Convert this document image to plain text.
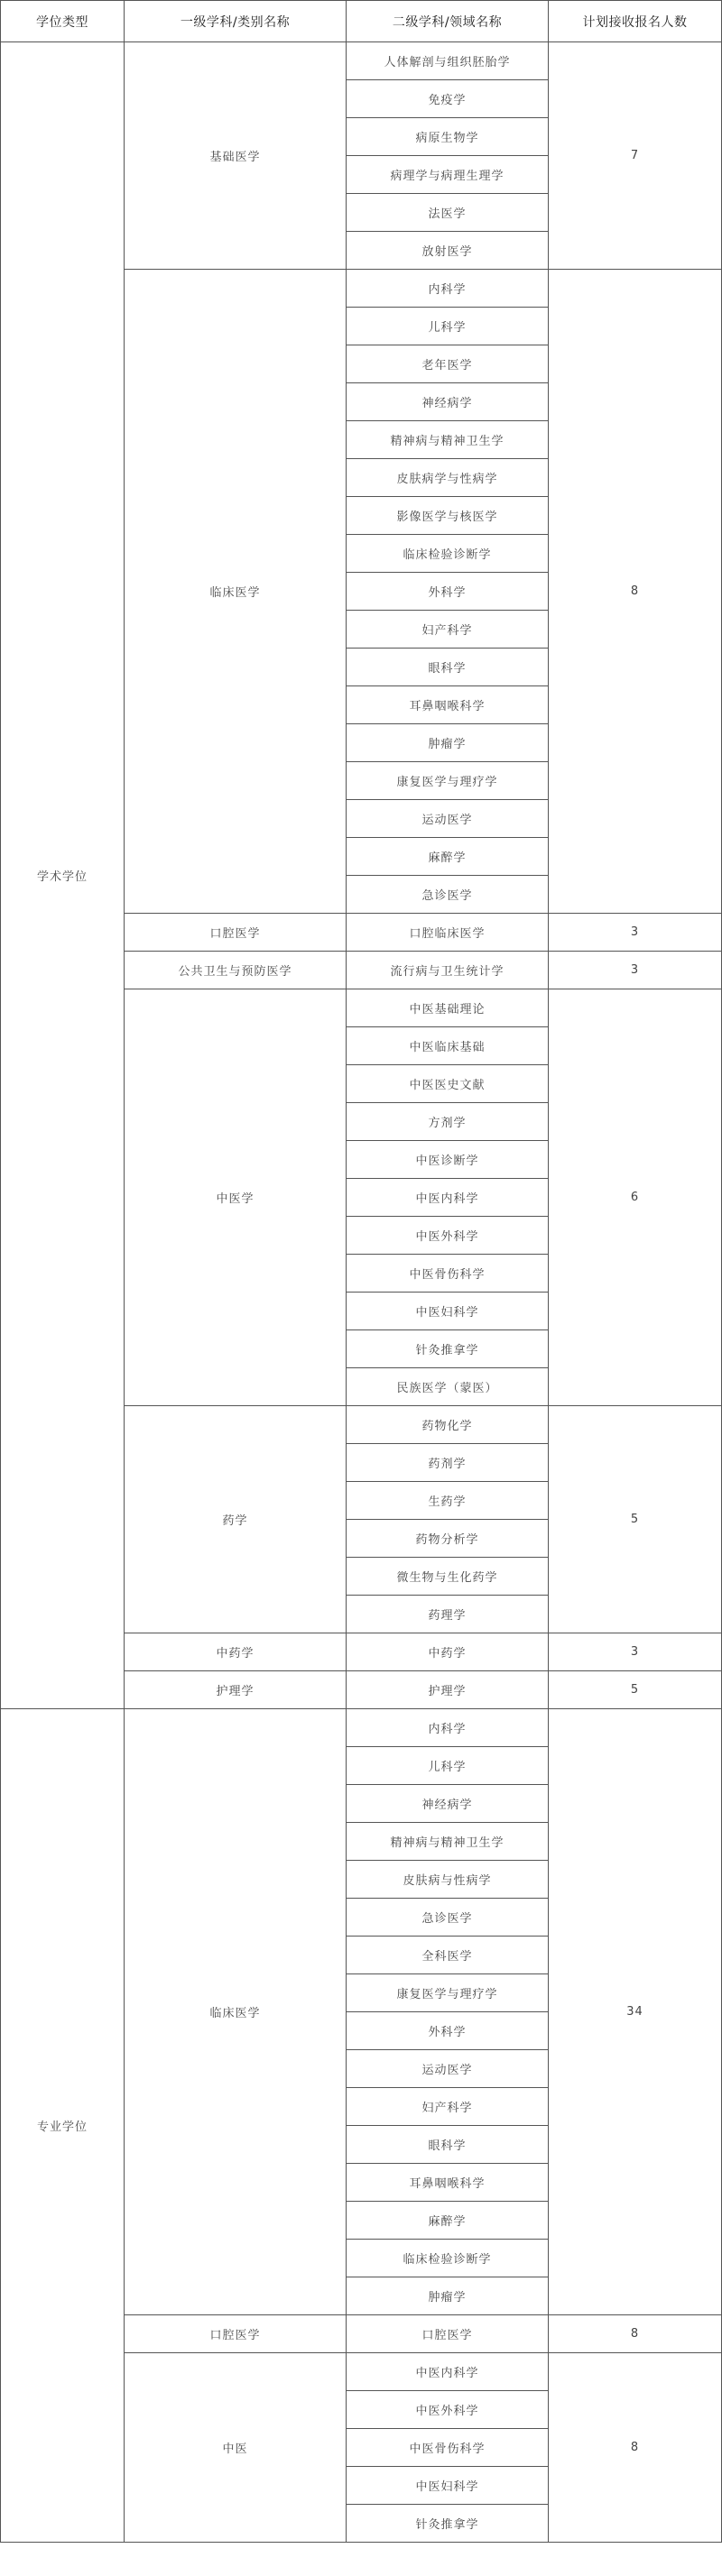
学位类型	一级学科/类别名称	二级学科/领域名称	计划接收报名人数
学术学位	基础医学	人体解剖与组织胚胎学	7
		免疫学	
		病原生物学	
		病理学与病理生理学	
		法医学	
		放射医学	
	临床医学	内科学	8
		儿科学	
		老年医学	
		神经病学	
		精神病与精神卫生学	
		皮肤病学与性病学	
		影像医学与核医学	
		临床检验诊断学	
		外科学	
		妇产科学	
		眼科学	
		耳鼻咽喉科学	
		肿瘤学	
		康复医学与理疗学	
		运动医学	
		麻醉学	
		急诊医学	
	口腔医学	口腔临床医学	3
	公共卫生与预防医学	流行病与卫生统计学	3
	中医学	中医基础理论	6
		中医临床基础	
		中医医史文献	
		方剂学	
		中医诊断学	
		中医内科学	
		中医外科学	
		中医骨伤科学	
		中医妇科学	
		针灸推拿学	
		民族医学（蒙医）	
	药学	药物化学	5
		药剂学	
		生药学	
		药物分析学	
		微生物与生化药学	
		药理学	
	中药学	中药学	3
	护理学	护理学	5
专业学位	临床医学	内科学	34
		儿科学	
		神经病学	
		精神病与精神卫生学	
		皮肤病与性病学	
		急诊医学	
		全科医学	
		康复医学与理疗学	
		外科学	
		运动医学	
		妇产科学	
		眼科学	
		耳鼻咽喉科学	
		麻醉学	
		临床检验诊断学	
		肿瘤学	
	口腔医学	口腔医学	8
	中医	中医内科学	8
		中医外科学	
		中医骨伤科学	
		中医妇科学	
		针灸推拿学	
